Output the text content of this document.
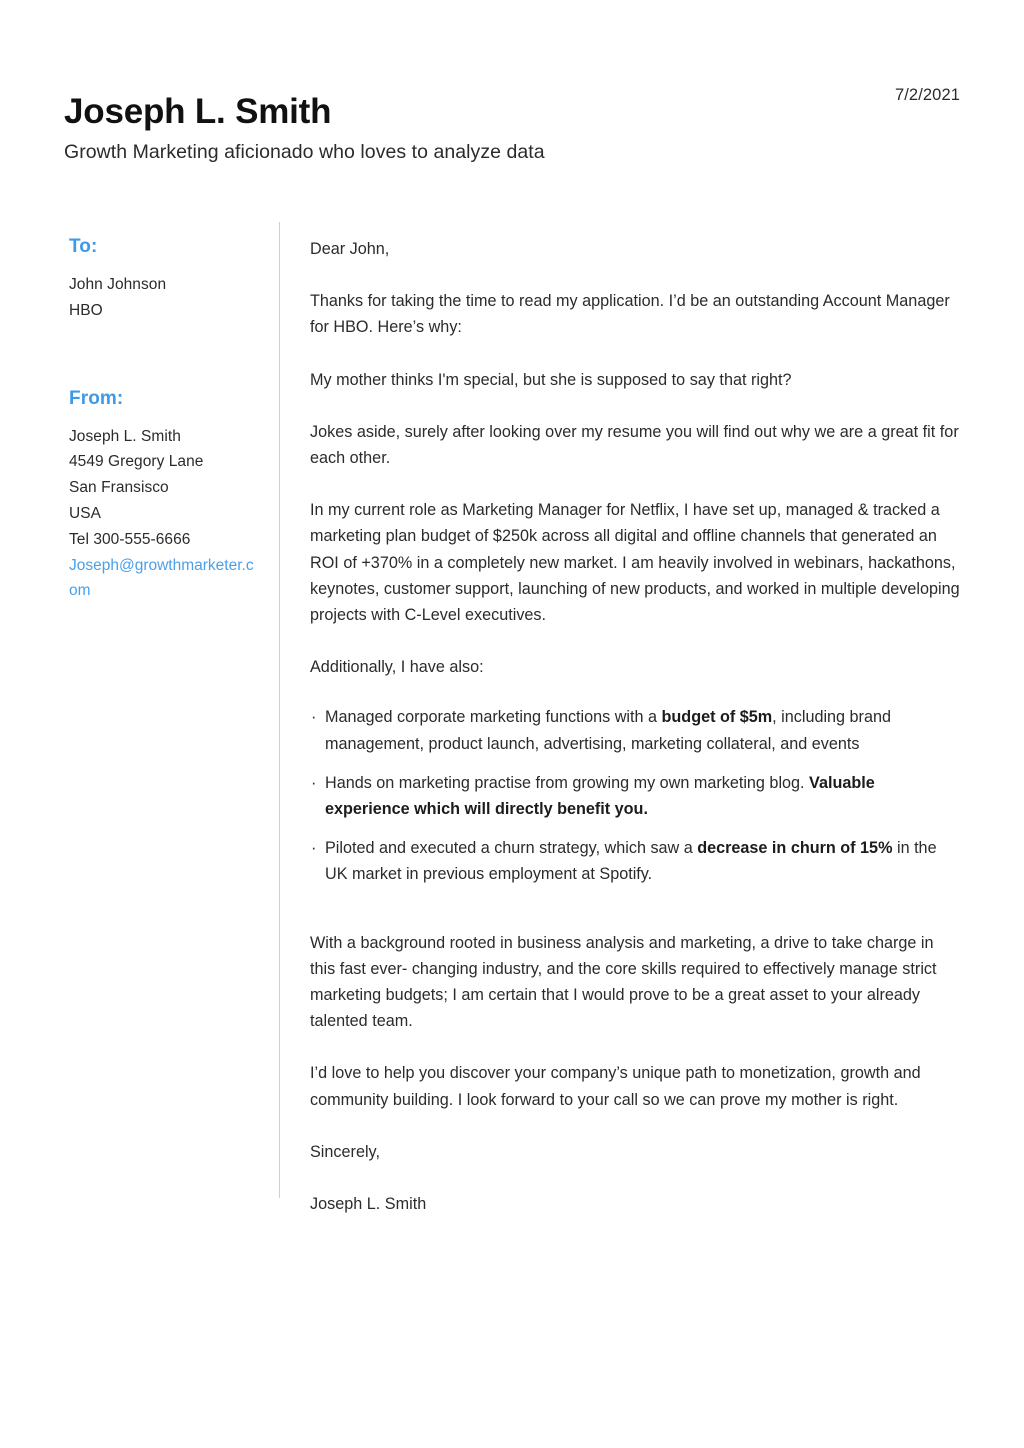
7/2/2021
Joseph L. Smith

Growth Marketing aficionado who loves to analyze data

To:
John Johnson
HBO
From:
Joseph L. Smith
4549 Gregory Lane
San Fransisco
USA
Tel 300-555-6666
Joseph@growthmarketer.com

Dear John,

Thanks for taking the time to read my application. I’d be an outstanding Account Manager for HBO. Here’s why:

My mother thinks I'm special, but she is supposed to say that right?

Jokes aside, surely after looking over my resume you will find out why we are a great fit for each other.

In my current role as Marketing Manager for Netflix, I have set up, managed & tracked a marketing plan budget of $250k across all digital and offline channels that generated an ROI of +370% in a completely new market. I am heavily involved in webinars, hackathons, keynotes, customer support, launching of new products, and worked in multiple developing projects with C-Level executives.

Additionally, I have also:

· Managed corporate marketing functions with a budget of $5m, including brand management, product launch, advertising, marketing collateral, and events
· Hands on marketing practise from growing my own marketing blog. Valuable experience which will directly benefit you.
· Piloted and executed a churn strategy, which saw a decrease in churn of 15% in the UK market in previous employment at Spotify.

With a background rooted in business analysis and marketing, a drive to take charge in this fast ever- changing industry, and the core skills required to effectively manage strict marketing budgets; I am certain that I would prove to be a great asset to your already talented team.

I’d love to help you discover your company’s unique path to monetization, growth and community building. I look forward to your call so we can prove my mother is right.

Sincerely,

Joseph L. Smith
